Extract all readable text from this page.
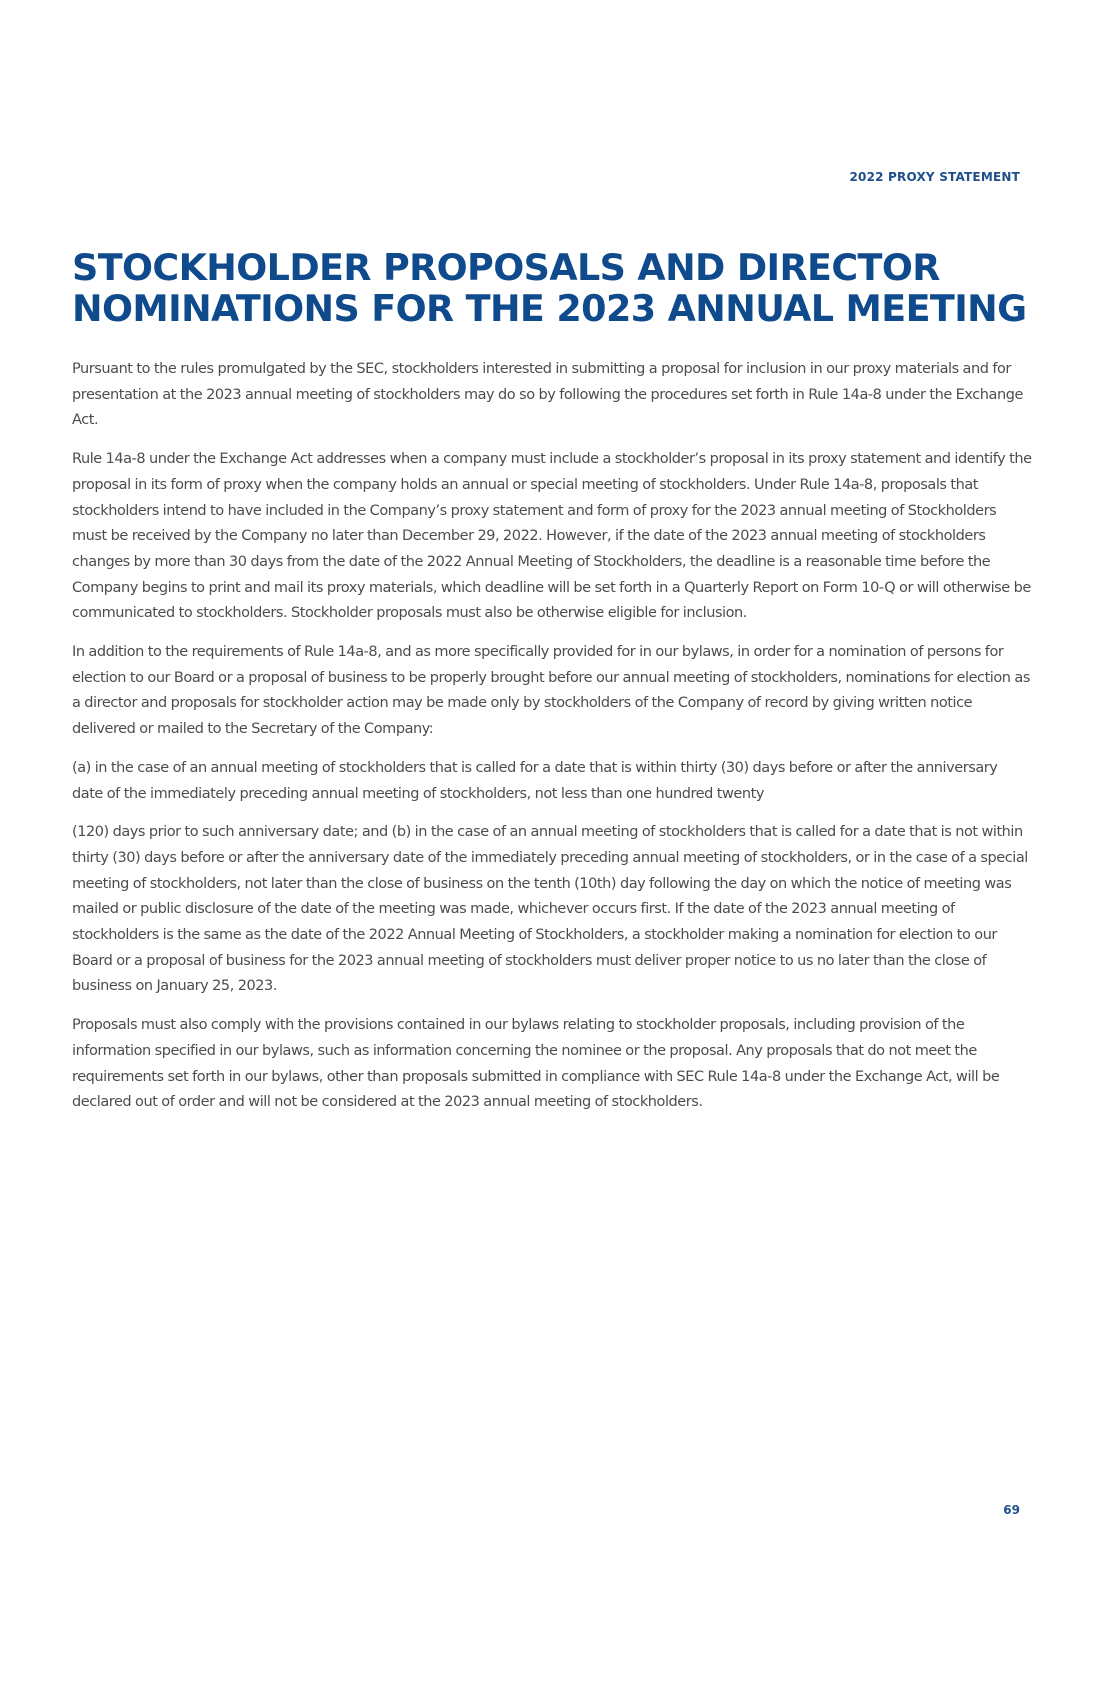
2022 PROXY STATEMENT
STOCKHOLDER PROPOSALS AND DIRECTOR
NOMINATIONS FOR THE 2023 ANNUAL MEETING

Pursuant to the rules promulgated by the SEC, stockholders interested in submitting a proposal for inclusion in our proxy materials and for presentation at the 2023 annual meeting of stockholders may do so by following the procedures set forth in Rule 14a-8 under the Exchange Act.

Rule 14a-8 under the Exchange Act addresses when a company must include a stockholder’s proposal in its proxy statement and identify the proposal in its form of proxy when the company holds an annual or special meeting of stockholders. Under Rule 14a-8, proposals that stockholders intend to have included in the Company’s proxy statement and form of proxy for the 2023 annual meeting of Stockholders must be received by the Company no later than December 29, 2022. However, if the date of the 2023 annual meeting of stockholders changes by more than 30 days from the date of the 2022 Annual Meeting of Stockholders, the deadline is a reasonable time before the Company begins to print and mail its proxy materials, which deadline will be set forth in a Quarterly Report on Form 10-Q or will otherwise be communicated to stockholders. Stockholder proposals must also be otherwise eligible for inclusion.

In addition to the requirements of Rule 14a-8, and as more specifically provided for in our bylaws, in order for a nomination of persons for election to our Board or a proposal of business to be properly brought before our annual meeting of stockholders, nominations for election as a director and proposals for stockholder action may be made only by stockholders of the Company of record by giving written notice delivered or mailed to the Secretary of the Company:

(a) in the case of an annual meeting of stockholders that is called for a date that is within thirty (30) days before or after the anniversary date of the immediately preceding annual meeting of stockholders, not less than one hundred twenty

(120) days prior to such anniversary date; and (b) in the case of an annual meeting of stockholders that is called for a date that is not within thirty (30) days before or after the anniversary date of the immediately preceding annual meeting of stockholders, or in the case of a special meeting of stockholders, not later than the close of business on the tenth (10th) day following the day on which the notice of meeting was mailed or public disclosure of the date of the meeting was made, whichever occurs first. If the date of the 2023 annual meeting of stockholders is the same as the date of the 2022 Annual Meeting of Stockholders, a stockholder making a nomination for election to our Board or a proposal of business for the 2023 annual meeting of stockholders must deliver proper notice to us no later than the close of business on January 25, 2023.

Proposals must also comply with the provisions contained in our bylaws relating to stockholder proposals, including provision of the information specified in our bylaws, such as information concerning the nominee or the proposal. Any proposals that do not meet the requirements set forth in our bylaws, other than proposals submitted in compliance with SEC Rule 14a-8 under the Exchange Act, will be declared out of order and will not be considered at the 2023 annual meeting of stockholders.

69
